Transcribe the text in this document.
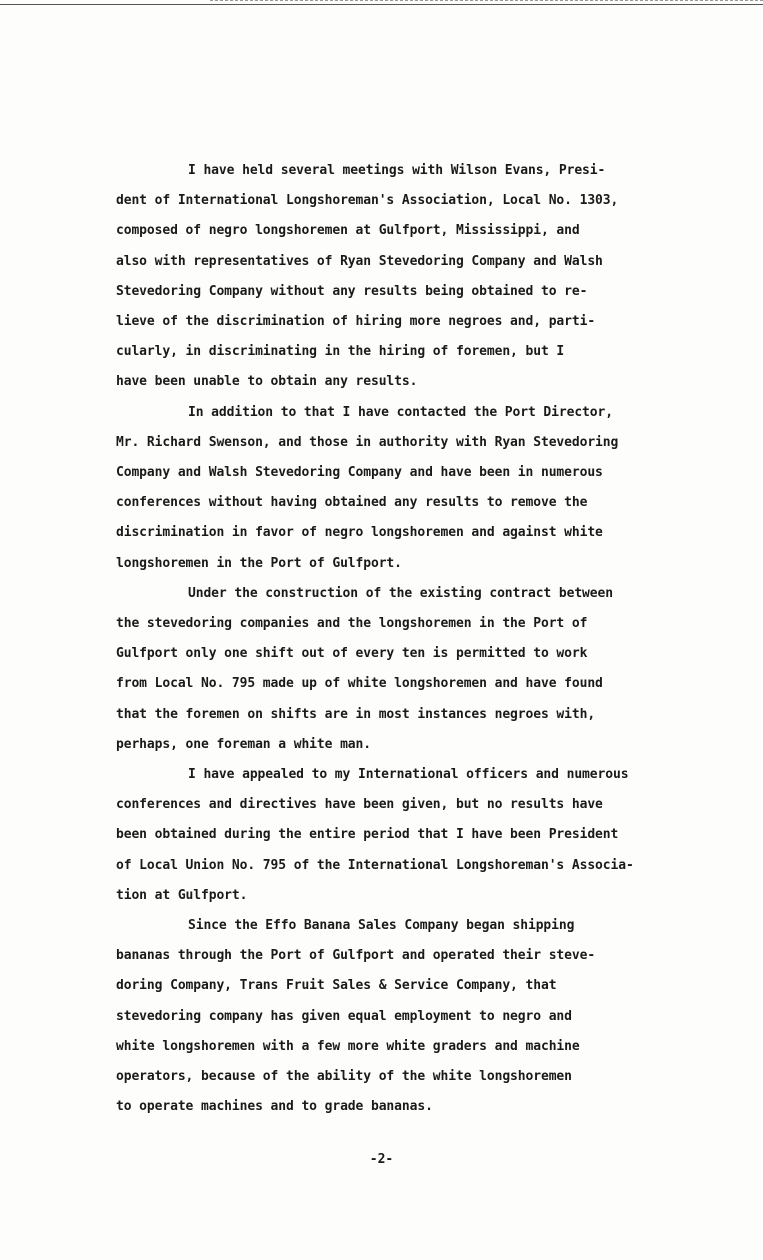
I have held several meetings with Wilson Evans, Presi-
dent of International Longshoreman's Association, Local No. 1303,
composed of negro longshoremen at Gulfport, Mississippi, and
also with representatives of Ryan Stevedoring Company and Walsh
Stevedoring Company without any results being obtained to re-
lieve of the discrimination of hiring more negroes and, parti-
cularly, in discriminating in the hiring of foremen, but I
have been unable to obtain any results.

In addition to that I have contacted the Port Director,
Mr. Richard Swenson, and those in authority with Ryan Stevedoring
Company and Walsh Stevedoring Company and have been in numerous
conferences without having obtained any results to remove the
discrimination in favor of negro longshoremen and against white
longshoremen in the Port of Gulfport.

Under the construction of the existing contract between
the stevedoring companies and the longshoremen in the Port of
Gulfport only one shift out of every ten is permitted to work
from Local No. 795 made up of white longshoremen and have found
that the foremen on shifts are in most instances negroes with,
perhaps, one foreman a white man.

I have appealed to my International officers and numerous
conferences and directives have been given, but no results have
been obtained during the entire period that I have been President
of Local Union No. 795 of the International Longshoreman's Associa-
tion at Gulfport.

Since the Effo Banana Sales Company began shipping
bananas through the Port of Gulfport and operated their steve-
doring Company, Trans Fruit Sales & Service Company, that
stevedoring company has given equal employment to negro and
white longshoremen with a few more white graders and machine
operators, because of the ability of the white longshoremen
to operate machines and to grade bananas.

-2-
